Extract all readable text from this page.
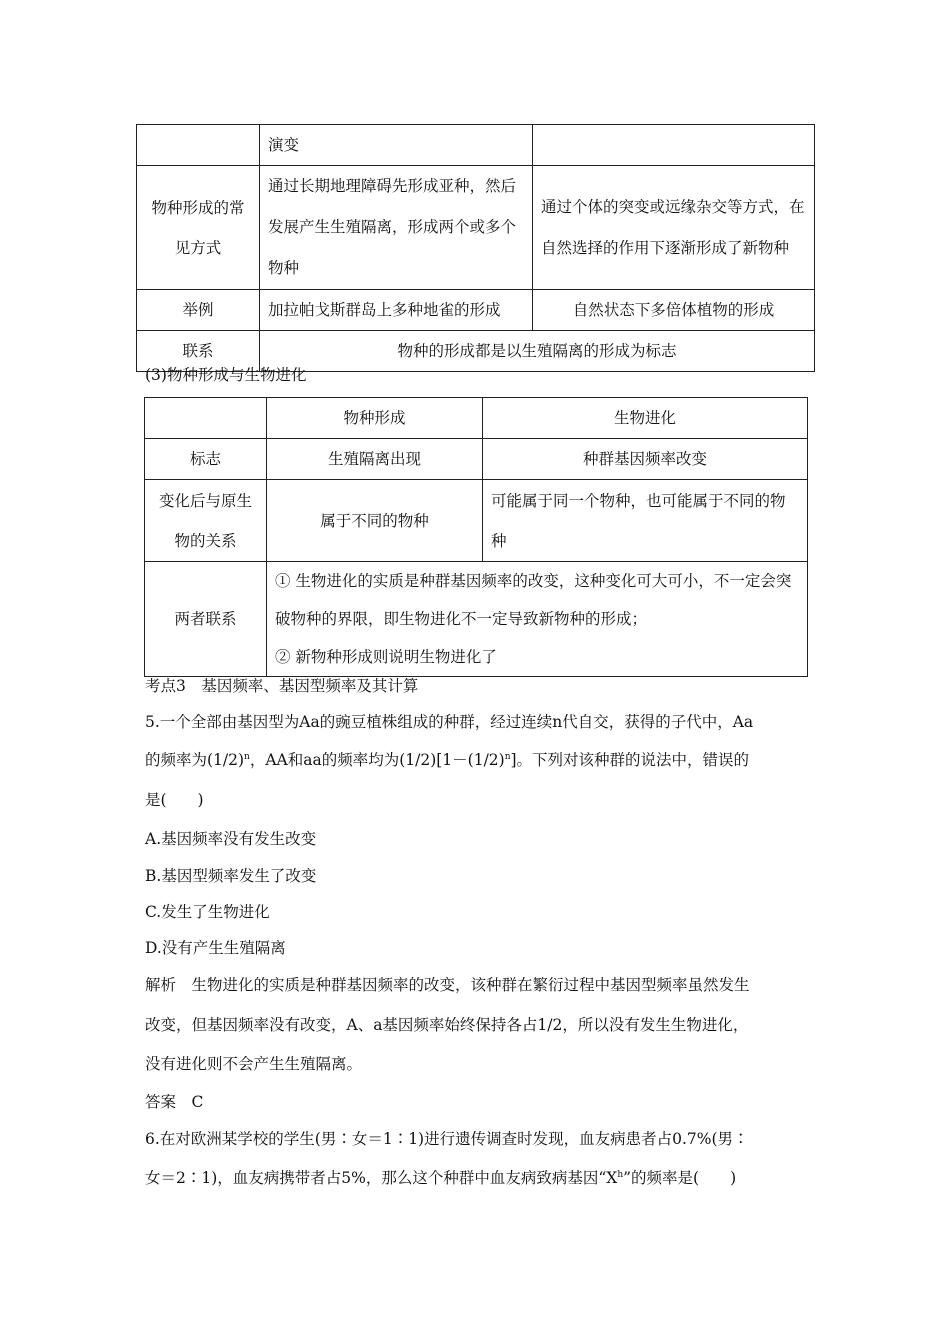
	演变	
物种形成的常见方式	通过长期地理障碍先形成亚种，然后发展产生生殖隔离，形成两个或多个物种	通过个体的突变或远缘杂交等方式，在自然选择的作用下逐渐形成了新物种
举例	加拉帕戈斯群岛上多种地雀的形成	自然状态下多倍体植物的形成
联系	物种的形成都是以生殖隔离的形成为标志	
(3)物种形成与生物进化
	物种形成	生物进化
标志	生殖隔离出现	种群基因频率改变
变化后与原生物的关系	属于不同的物种	可能属于同一个物种，也可能属于不同的物种
两者联系	① 生物进化的实质是种群基因频率的改变，这种变化可大可小，不一定会突破物种的界限，即生物进化不一定导致新物种的形成；
② 新物种形成则说明生物进化了	
考点3　基因频率、基因型频率及其计算
5.一个全部由基因型为Aa的豌豆植株组成的种群，经过连续n代自交，获得的子代中，Aa
的频率为$(1/2)^n$，AA和aa的频率均为$(1/2)[1-(1/2)^n]$。下列对该种群的说法中，错误的
是(　　)
A.基因频率没有发生改变
B.基因型频率发生了改变
C.发生了生物进化
D.没有产生生殖隔离
解析　生物进化的实质是种群基因频率的改变，该种群在繁衍过程中基因型频率虽然发生
改变，但基因频率没有改变，A、a基因频率始终保持各占1/2，所以没有发生生物进化，
没有进化则不会产生生殖隔离。
答案　C
6.在对欧洲某学校的学生(男∶女＝1∶1)进行遗传调查时发现，血友病患者占0.7%(男∶
女＝2∶1)，血友病携带者占5%，那么这个种群中血友病致病基因“$X^h$”的频率是(　　)
